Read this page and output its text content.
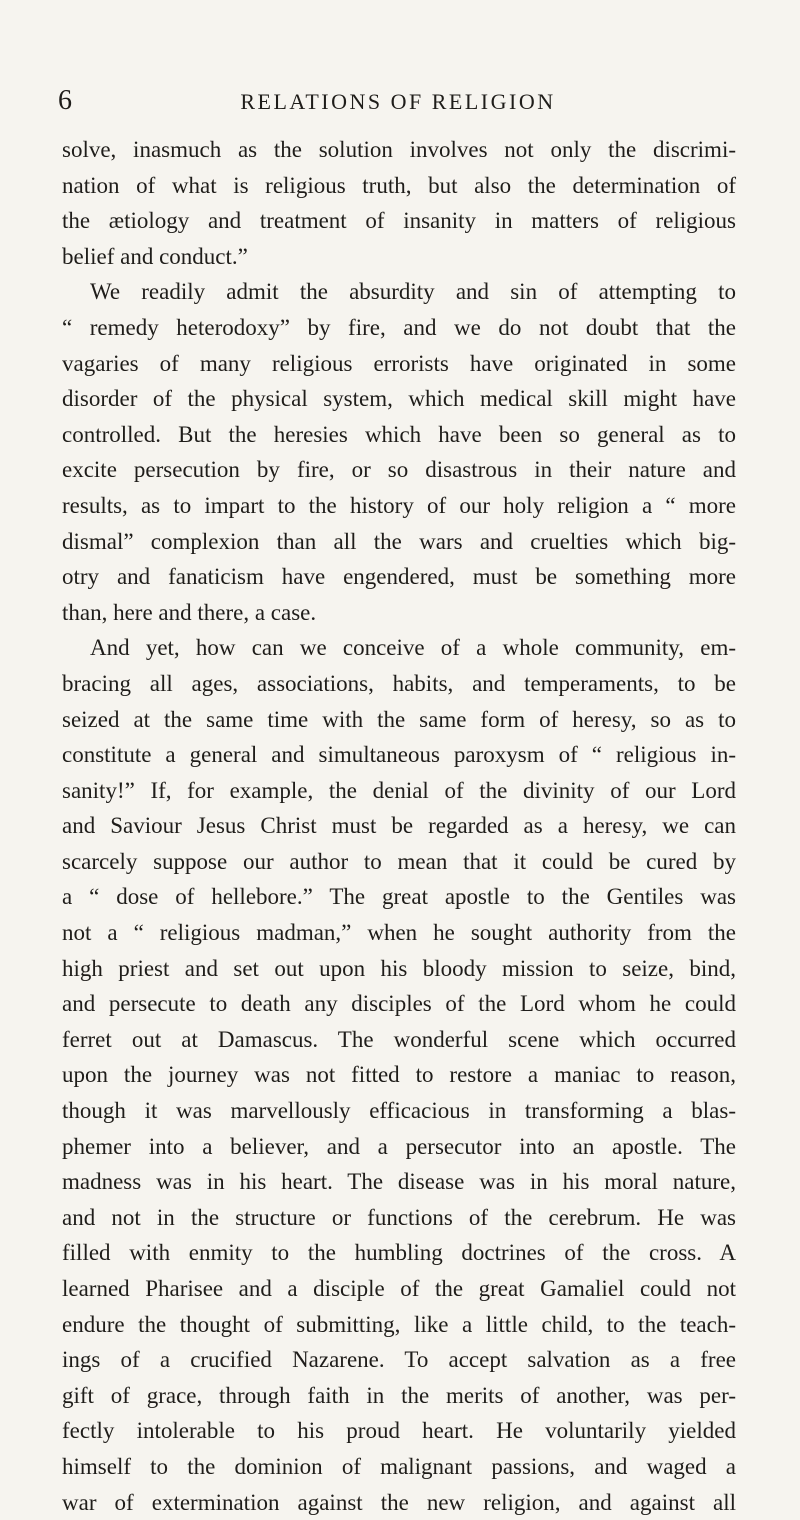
6	RELATIONS OF RELIGION
solve, inasmuch as the solution involves not only the discrimi-
nation of what is religious truth, but also the determination of
the ætiology and treatment of insanity in matters of religious
belief and conduct.”
We readily admit the absurdity and sin of attempting to
“ remedy heterodoxy” by fire, and we do not doubt that the
vagaries of many religious errorists have originated in some
disorder of the physical system, which medical skill might have
controlled. But the heresies which have been so general as to
excite persecution by fire, or so disastrous in their nature and
results, as to impart to the history of our holy religion a “ more
dismal” complexion than all the wars and cruelties which big-
otry and fanaticism have engendered, must be something more
than, here and there, a case.
And yet, how can we conceive of a whole community, em-
bracing all ages, associations, habits, and temperaments, to be
seized at the same time with the same form of heresy, so as to
constitute a general and simultaneous paroxysm of “ religious in-
sanity!” If, for example, the denial of the divinity of our Lord
and Saviour Jesus Christ must be regarded as a heresy, we can
scarcely suppose our author to mean that it could be cured by
a “ dose of hellebore.” The great apostle to the Gentiles was
not a “ religious madman,” when he sought authority from the
high priest and set out upon his bloody mission to seize, bind,
and persecute to death any disciples of the Lord whom he could
ferret out at Damascus. The wonderful scene which occurred
upon the journey was not fitted to restore a maniac to reason,
though it was marvellously efficacious in transforming a blas-
phemer into a believer, and a persecutor into an apostle. The
madness was in his heart. The disease was in his moral nature,
and not in the structure or functions of the cerebrum. He was
filled with enmity to the humbling doctrines of the cross. A
learned Pharisee and a disciple of the great Gamaliel could not
endure the thought of submitting, like a little child, to the teach-
ings of a crucified Nazarene. To accept salvation as a free
gift of grace, through faith in the merits of another, was per-
fectly intolerable to his proud heart. He voluntarily yielded
himself to the dominion of malignant passions, and waged a
war of extermination against the new religion, and against all
